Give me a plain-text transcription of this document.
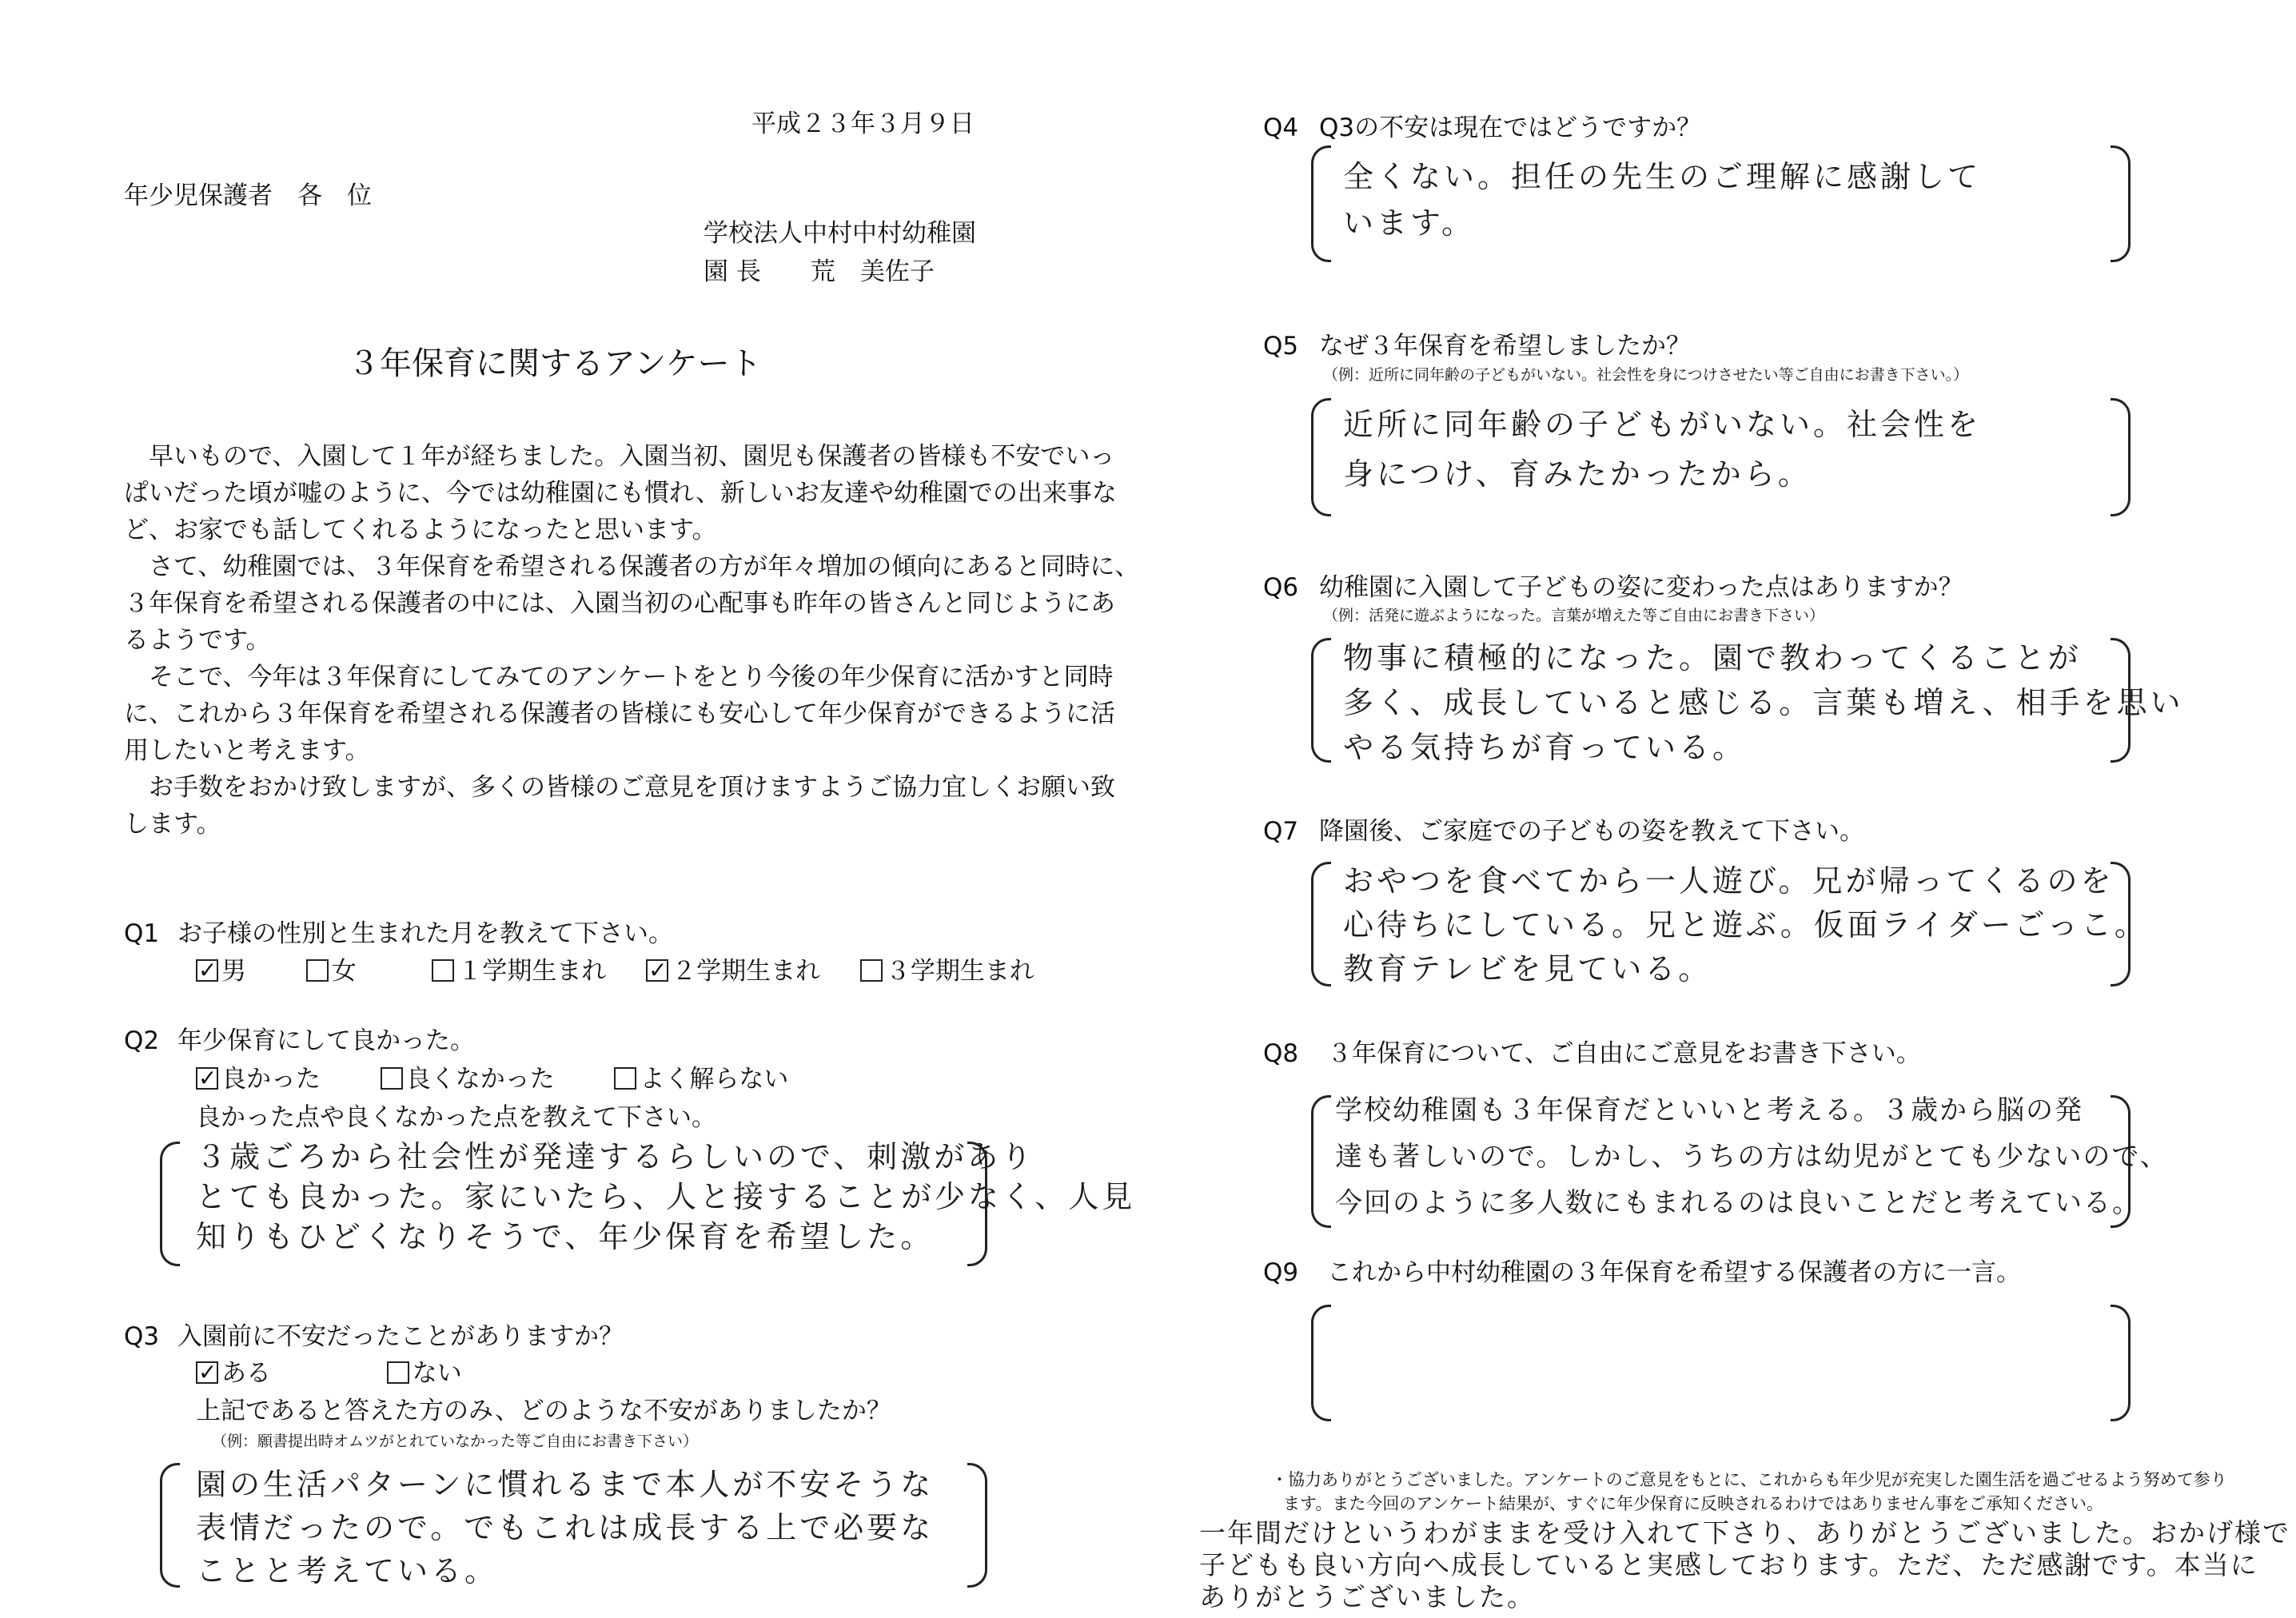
平成２３年３月９日
年少児保護者　各　位
学校法人中村中村幼稚園
園 長　　荒　美佐子
３年保育に関するアンケート
　早いもので、入園して１年が経ちました。入園当初、園児も保護者の皆様も不安でいっ
ぱいだった頃が嘘のように、今では幼稚園にも慣れ、新しいお友達や幼稚園での出来事な
ど、お家でも話してくれるようになったと思います。
　さて、幼稚園では、３年保育を希望される保護者の方が年々増加の傾向にあると同時に、
３年保育を希望される保護者の中には、入園当初の心配事も昨年の皆さんと同じようにあ
るようです。
　そこで、今年は３年保育にしてみてのアンケートをとり今後の年少保育に活かすと同時
に、これから３年保育を希望される保護者の皆様にも安心して年少保育ができるように活
用したいと考えます。
　お手数をおかけ致しますが、多くの皆様のご意見を頂けますようご協力宜しくお願い致
します。
Q1 お子様の性別と生まれた月を教えて下さい。
✓男	女	１学期生まれ  ✓	２学期生まれ	３学期生まれ
Q2 年少保育にして良かった。
✓良かった	良くなかった	よく解らない
良かった点や良くなかった点を教えて下さい。
３歳ごろから社会性が発達するらしいので、刺激があり
とても良かった。家にいたら、人と接することが少なく、人見
知りもひどくなりそうで、年少保育を希望した。
Q3 入園前に不安だったことがありますか？
✓ある	ない
上記であると答えた方のみ、どのような不安がありましたか？
（例：願書提出時オムツがとれていなかった等ご自由にお書き下さい）
園の生活パターンに慣れるまで本人が不安そうな
表情だったので。でもこれは成長する上で必要な
ことと考えている。
Q4 Q3の不安は現在ではどうですか？
全くない。担任の先生のご理解に感謝して
います。
Q5 なぜ３年保育を希望しましたか？
（例：近所に同年齢の子どもがいない。社会性を身につけさせたい等ご自由にお書き下さい。）
近所に同年齢の子どもがいない。社会性を
身につけ、育みたかったから。
Q6 幼稚園に入園して子どもの姿に変わった点はありますか？
（例：活発に遊ぶようになった。言葉が増えた等ご自由にお書き下さい）
物事に積極的になった。園で教わってくることが
多く、成長していると感じる。言葉も増え、相手を思い
やる気持ちが育っている。
Q7 降園後、ご家庭での子どもの姿を教えて下さい。
おやつを食べてから一人遊び。兄が帰ってくるのを
心待ちにしている。兄と遊ぶ。仮面ライダーごっこ。
教育テレビを見ている。
Q8 ３年保育について、ご自由にご意見をお書き下さい。
学校幼稚園も３年保育だといいと考える。３歳から脳の発
達も著しいので。しかし、うちの方は幼児がとても少ないので、
今回のように多人数にもまれるのは良いことだと考えている。
Q9 これから中村幼稚園の３年保育を希望する保護者の方に一言。
・協力ありがとうございました。アンケートのご意見をもとに、これからも年少児が充実した園生活を過ごせるよう努めて参り
ます。また今回のアンケート結果が、すぐに年少保育に反映されるわけではありません事をご承知ください。
一年間だけというわがままを受け入れて下さり、ありがとうございました。おかげ様で
子どもも良い方向へ成長していると実感しております。ただ、ただ感謝です。本当に
ありがとうございました。
